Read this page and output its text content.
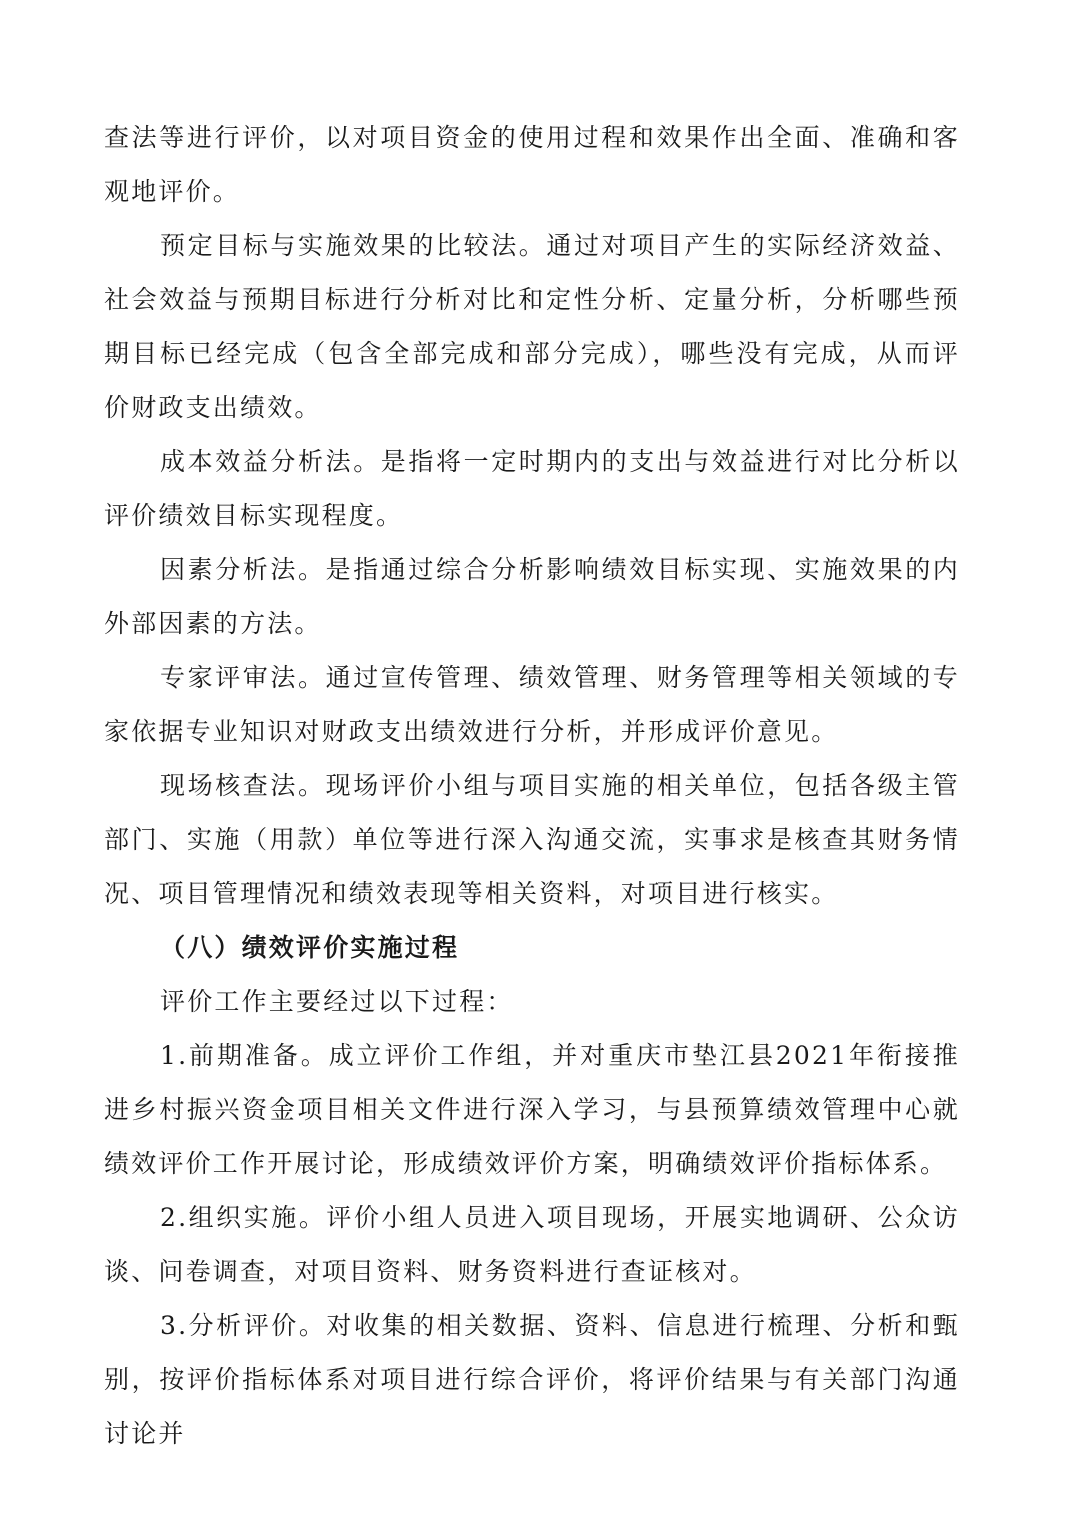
查法等进行评价，以对项目资金的使用过程和效果作出全面、准确和客观地评价。

预定目标与实施效果的比较法。通过对项目产生的实际经济效益、社会效益与预期目标进行分析对比和定性分析、定量分析，分析哪些预期目标已经完成（包含全部完成和部分完成），哪些没有完成，从而评价财政支出绩效。

成本效益分析法。是指将一定时期内的支出与效益进行对比分析以评价绩效目标实现程度。

因素分析法。是指通过综合分析影响绩效目标实现、实施效果的内外部因素的方法。

专家评审法。通过宣传管理、绩效管理、财务管理等相关领域的专家依据专业知识对财政支出绩效进行分析，并形成评价意见。

现场核查法。现场评价小组与项目实施的相关单位，包括各级主管部门、实施（用款）单位等进行深入沟通交流，实事求是核查其财务情况、项目管理情况和绩效表现等相关资料，对项目进行核实。

（八）绩效评价实施过程

评价工作主要经过以下过程：

1.前期准备。成立评价工作组，并对重庆市垫江县2021年衔接推进乡村振兴资金项目相关文件进行深入学习，与县预算绩效管理中心就绩效评价工作开展讨论，形成绩效评价方案，明确绩效评价指标体系。

2.组织实施。评价小组人员进入项目现场，开展实地调研、公众访谈、问卷调查，对项目资料、财务资料进行查证核对。

3.分析评价。对收集的相关数据、资料、信息进行梳理、分析和甄别，按评价指标体系对项目进行综合评价，将评价结果与有关部门沟通讨论并
